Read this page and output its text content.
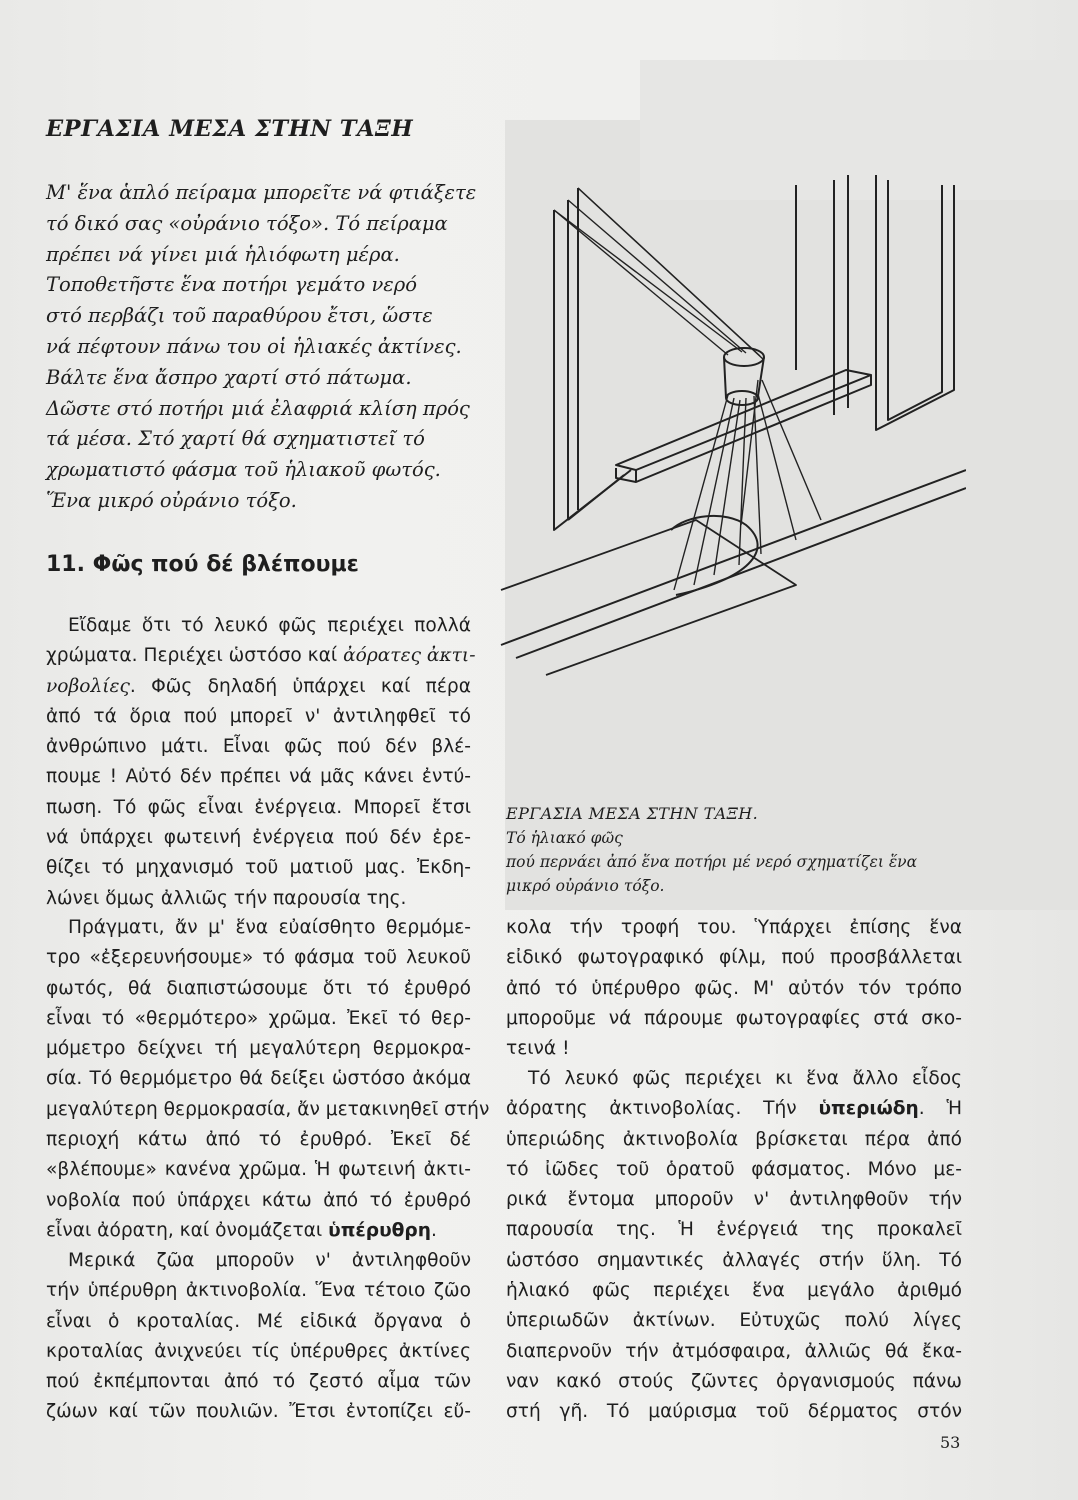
ΕΡΓΑΣΙΑ ΜΕΣΑ ΣΤΗΝ ΤΑΞΗ

Μ' ἕνα ἁπλό πείραμα μπορεῖτε νά φτιάξετε
τό δικό σας «οὐράνιο τόξο». Τό πείραμα
πρέπει νά γίνει μιά ἡλιόφωτη μέρα.
Τοποθετῆστε ἕνα ποτήρι γεμάτο νερό
στό περβάζι τοῦ παραθύρου ἔτσι, ὥστε
νά πέφτουν πάνω του οἱ ἡλιακές ἀκτίνες.
Βάλτε ἕνα ἄσπρο χαρτί στό πάτωμα.
Δῶστε στό ποτήρι μιά ἐλαφριά κλίση πρός
τά μέσα. Στό χαρτί θά σχηματιστεῖ τό
χρωματιστό φάσμα τοῦ ἡλιακοῦ φωτός.
Ἕνα μικρό οὐράνιο τόξο.

11. Φῶς πού δέ βλέπουμε

Εἴδαμε ὅτι τό λευκό φῶς περιέχει πολλά
χρώματα. Περιέχει ὡστόσο καί ἀόρατες ἀκτι-
νοβολίες. Φῶς δηλαδή ὑπάρχει καί πέρα
ἀπό τά ὅρια πού μπορεῖ ν' ἀντιληφθεῖ τό
ἀνθρώπινο μάτι. Εἶναι φῶς πού δέν βλέ-
πουμε ! Αὐτό δέν πρέπει νά μᾶς κάνει ἐντύ-
πωση. Τό φῶς εἶναι ἐνέργεια. Μπορεῖ ἔτσι
νά ὑπάρχει φωτεινή ἐνέργεια πού δέν ἐρε-
θίζει τό μηχανισμό τοῦ ματιοῦ μας. Ἐκδη-
λώνει ὅμως ἀλλιῶς τήν παρουσία της.

Πράγματι, ἄν μ' ἕνα εὐαίσθητο θερμόμε-
τρο «ἐξερευνήσουμε» τό φάσμα τοῦ λευκοῦ
φωτός, θά διαπιστώσουμε ὅτι τό ἐρυθρό
εἶναι τό «θερμότερο» χρῶμα. Ἐκεῖ τό θερ-
μόμετρο δείχνει τή μεγαλύτερη θερμοκρα-
σία. Τό θερμόμετρο θά δείξει ὡστόσο ἀκόμα
μεγαλύτερη θερμοκρασία, ἄν μετακινηθεῖ στήν
περιοχή κάτω ἀπό τό ἐρυθρό. Ἐκεῖ δέ
«βλέπουμε» κανένα χρῶμα. Ἡ φωτεινή ἀκτι-
νοβολία πού ὑπάρχει κάτω ἀπό τό ἐρυθρό
εἶναι ἀόρατη, καί ὀνομάζεται ὑπέρυθρη.

Μερικά ζῶα μποροῦν ν' ἀντιληφθοῦν
τήν ὑπέρυθρη ἀκτινοβολία. Ἕνα τέτοιο ζῶο
εἶναι ὁ κροταλίας. Μέ εἰδικά ὄργανα ὁ
κροταλίας ἀνιχνεύει τίς ὑπέρυθρες ἀκτίνες
πού ἐκπέμπονται ἀπό τό ζεστό αἷμα τῶν
ζώων καί τῶν πουλιῶν. Ἔτσι ἐντοπίζει εὔ-

ΕΡΓΑΣΙΑ ΜΕΣΑ ΣΤΗΝ ΤΑΞΗ.
Τό ἡλιακό φῶς
πού περνάει ἀπό ἕνα ποτήρι μέ νερό σχηματίζει ἕνα
μικρό οὐράνιο τόξο.

κολα τήν τροφή του. Ὑπάρχει ἐπίσης ἕνα
εἰδικό φωτογραφικό φίλμ, πού προσβάλλεται
ἀπό τό ὑπέρυθρο φῶς. Μ' αὐτόν τόν τρόπο
μποροῦμε νά πάρουμε φωτογραφίες στά σκο-
τεινά !

Τό λευκό φῶς περιέχει κι ἕνα ἄλλο εἶδος
ἀόρατης ἀκτινοβολίας. Τήν ὑπεριώδη. Ἡ
ὑπεριώδης ἀκτινοβολία βρίσκεται πέρα ἀπό
τό ἰῶδες τοῦ ὁρατοῦ φάσματος. Μόνο με-
ρικά ἔντομα μποροῦν ν' ἀντιληφθοῦν τήν
παρουσία της. Ἡ ἐνέργειά της προκαλεῖ
ὡστόσο σημαντικές ἀλλαγές στήν ὕλη. Τό
ἡλιακό φῶς περιέχει ἕνα μεγάλο ἀριθμό
ὑπεριωδῶν ἀκτίνων. Εὐτυχῶς πολύ λίγες
διαπερνοῦν τήν ἀτμόσφαιρα, ἀλλιῶς θά ἔκα-
ναν κακό στούς ζῶντες ὀργανισμούς πάνω
στή γῆ. Τό μαύρισμα τοῦ δέρματος στόν

53
